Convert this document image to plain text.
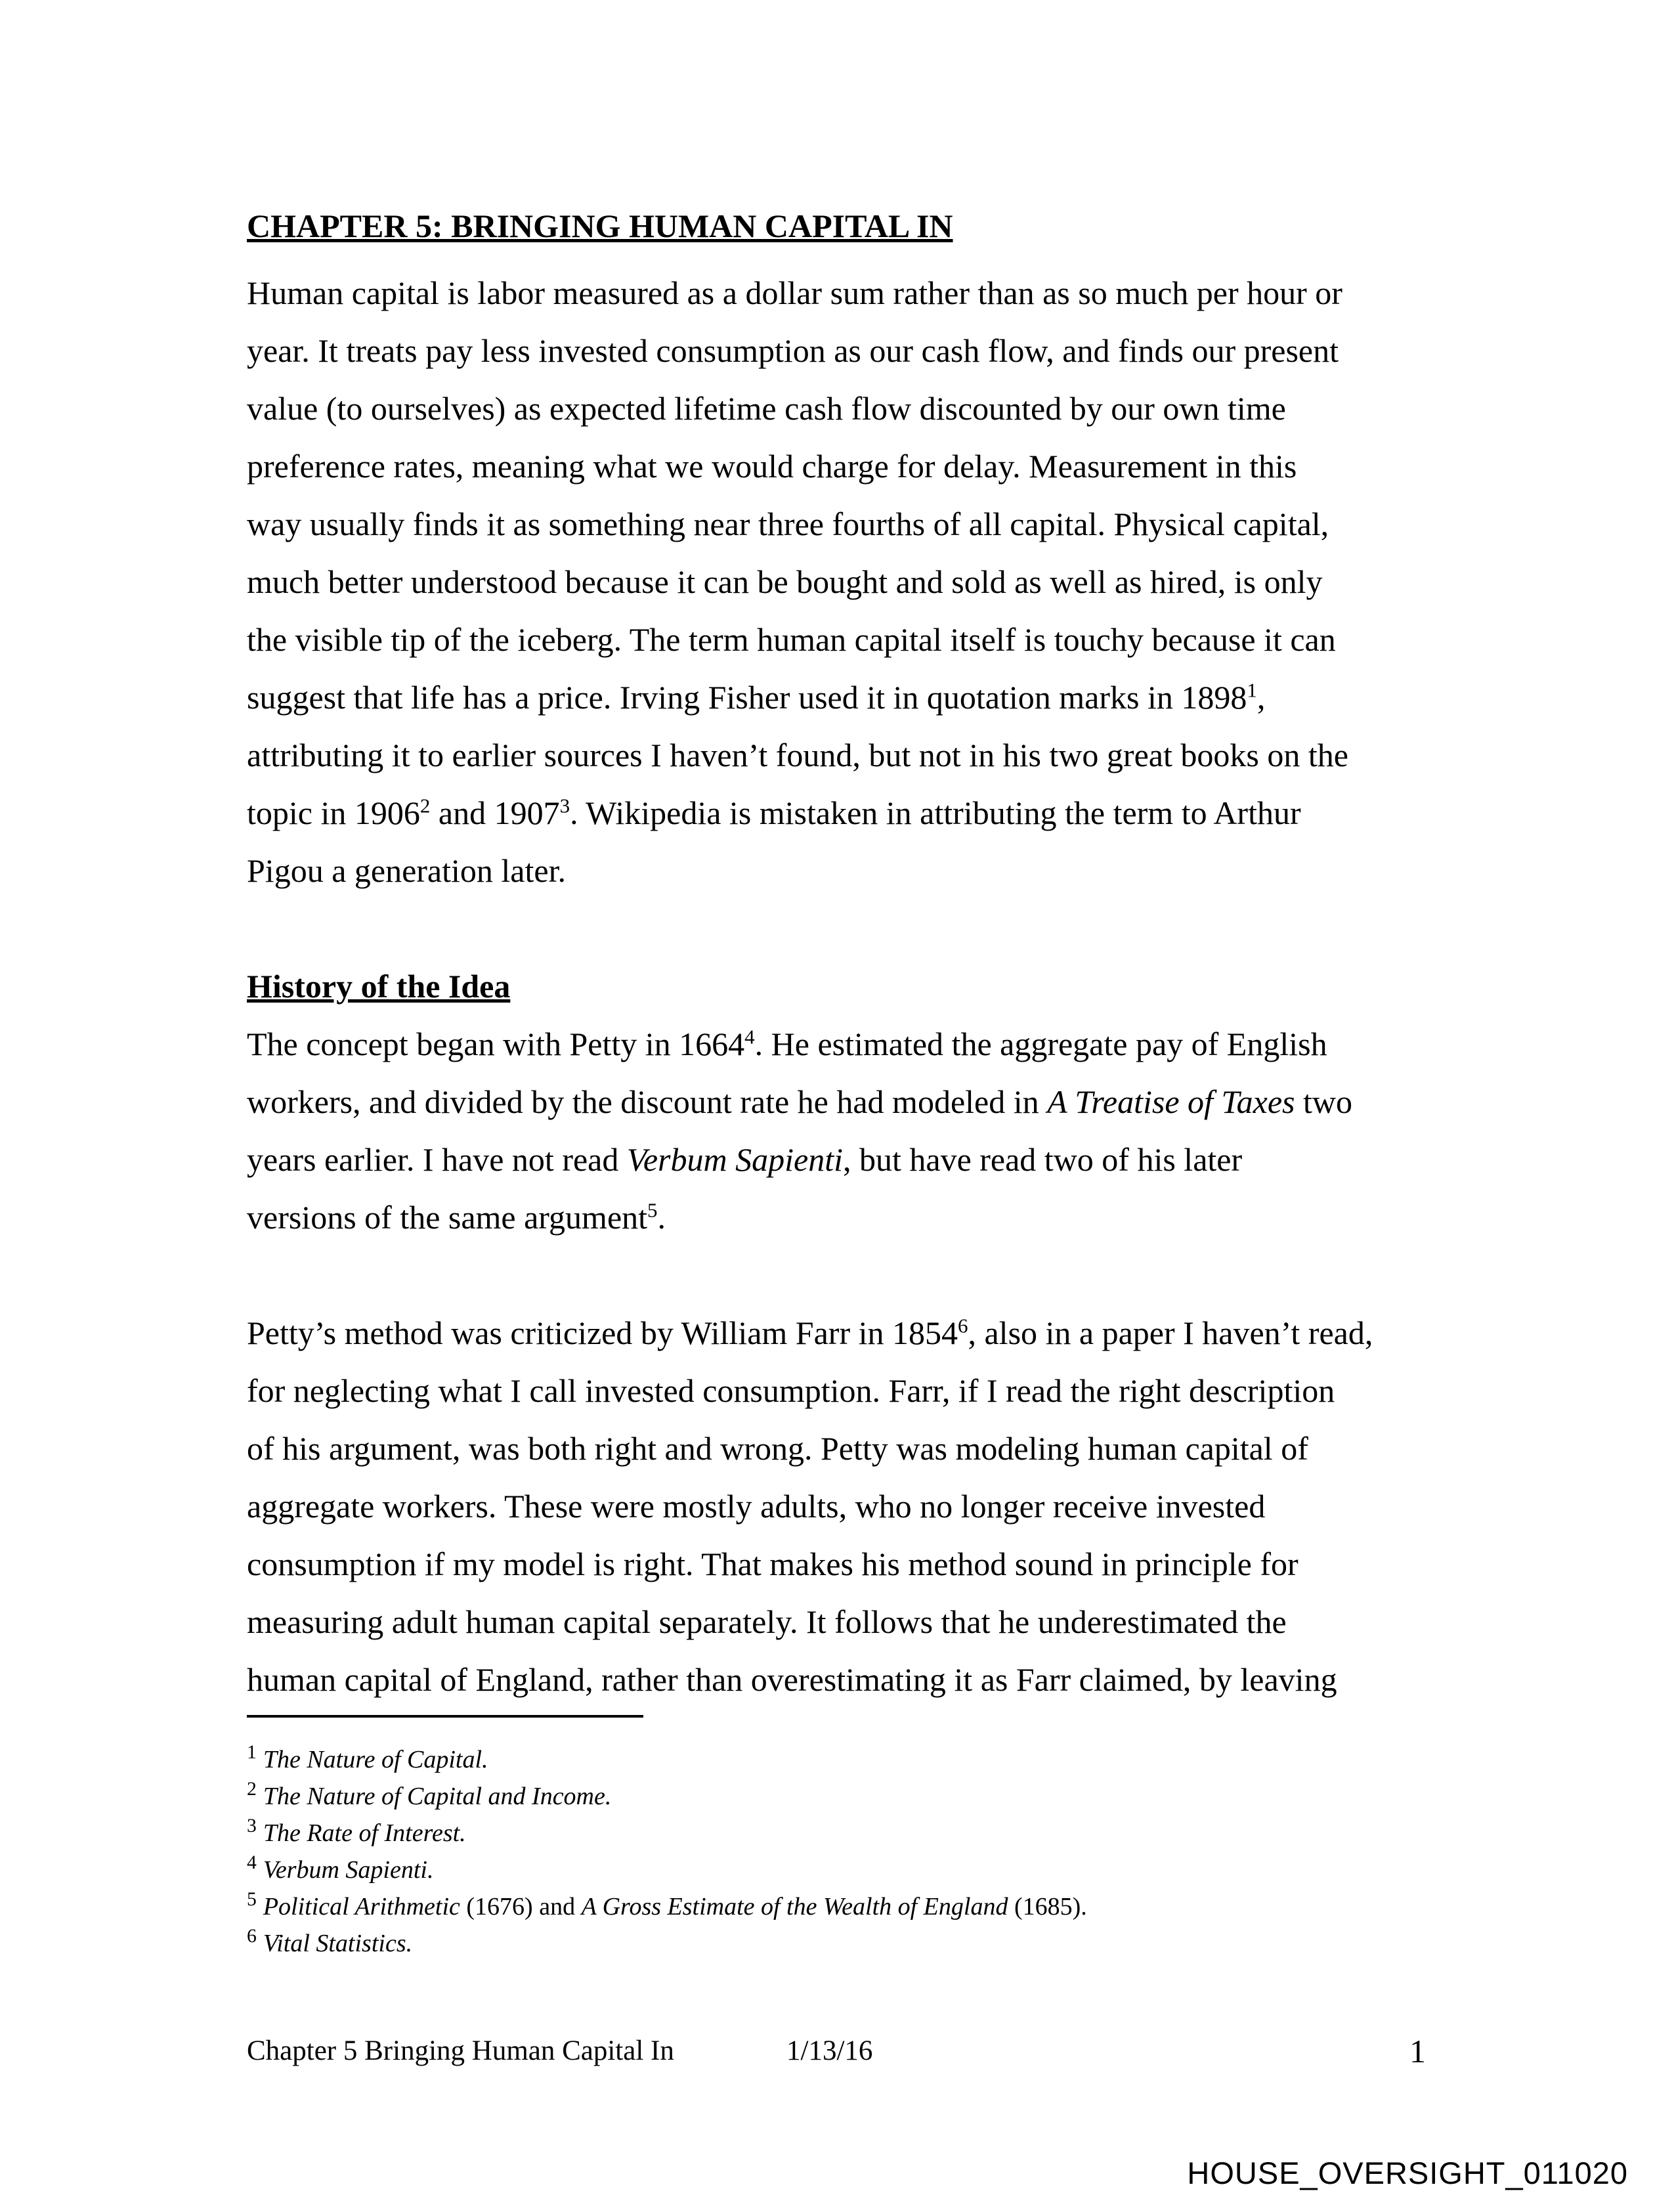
CHAPTER 5: BRINGING HUMAN CAPITAL IN
Human capital is labor measured as a dollar sum rather than as so much per hour or
year. It treats pay less invested consumption as our cash flow, and finds our present
value (to ourselves) as expected lifetime cash flow discounted by our own time
preference rates, meaning what we would charge for delay. Measurement in this
way usually finds it as something near three fourths of all capital. Physical capital,
much better understood because it can be bought and sold as well as hired, is only
the visible tip of the iceberg. The term human capital itself is touchy because it can
suggest that life has a price. Irving Fisher used it in quotation marks in 1898$^1$,
attributing it to earlier sources I haven’t found, but not in his two great books on the
topic in 1906$^2$ and 1907$^3$. Wikipedia is mistaken in attributing the term to Arthur
Pigou a generation later.
History of the Idea
The concept began with Petty in 1664$^4$. He estimated the aggregate pay of English
workers, and divided by the discount rate he had modeled in A Treatise of Taxes two
years earlier. I have not read Verbum Sapienti, but have read two of his later
versions of the same argument$^5$.
Petty’s method was criticized by William Farr in 1854$^6$, also in a paper I haven’t read,
for neglecting what I call invested consumption. Farr, if I read the right description
of his argument, was both right and wrong. Petty was modeling human capital of
aggregate workers. These were mostly adults, who no longer receive invested
consumption if my model is right. That makes his method sound in principle for
measuring adult human capital separately. It follows that he underestimated the
human capital of England, rather than overestimating it as Farr claimed, by leaving
$^1$ The Nature of Capital.
$^2$ The Nature of Capital and Income.
$^3$ The Rate of Interest.
$^4$ Verbum Sapienti.
$^5$ Political Arithmetic (1676) and A Gross Estimate of the Wealth of England (1685).
$^6$ Vital Statistics.
Chapter 5 Bringing Human Capital In	1/13/16	1
HOUSE_OVERSIGHT_011020
